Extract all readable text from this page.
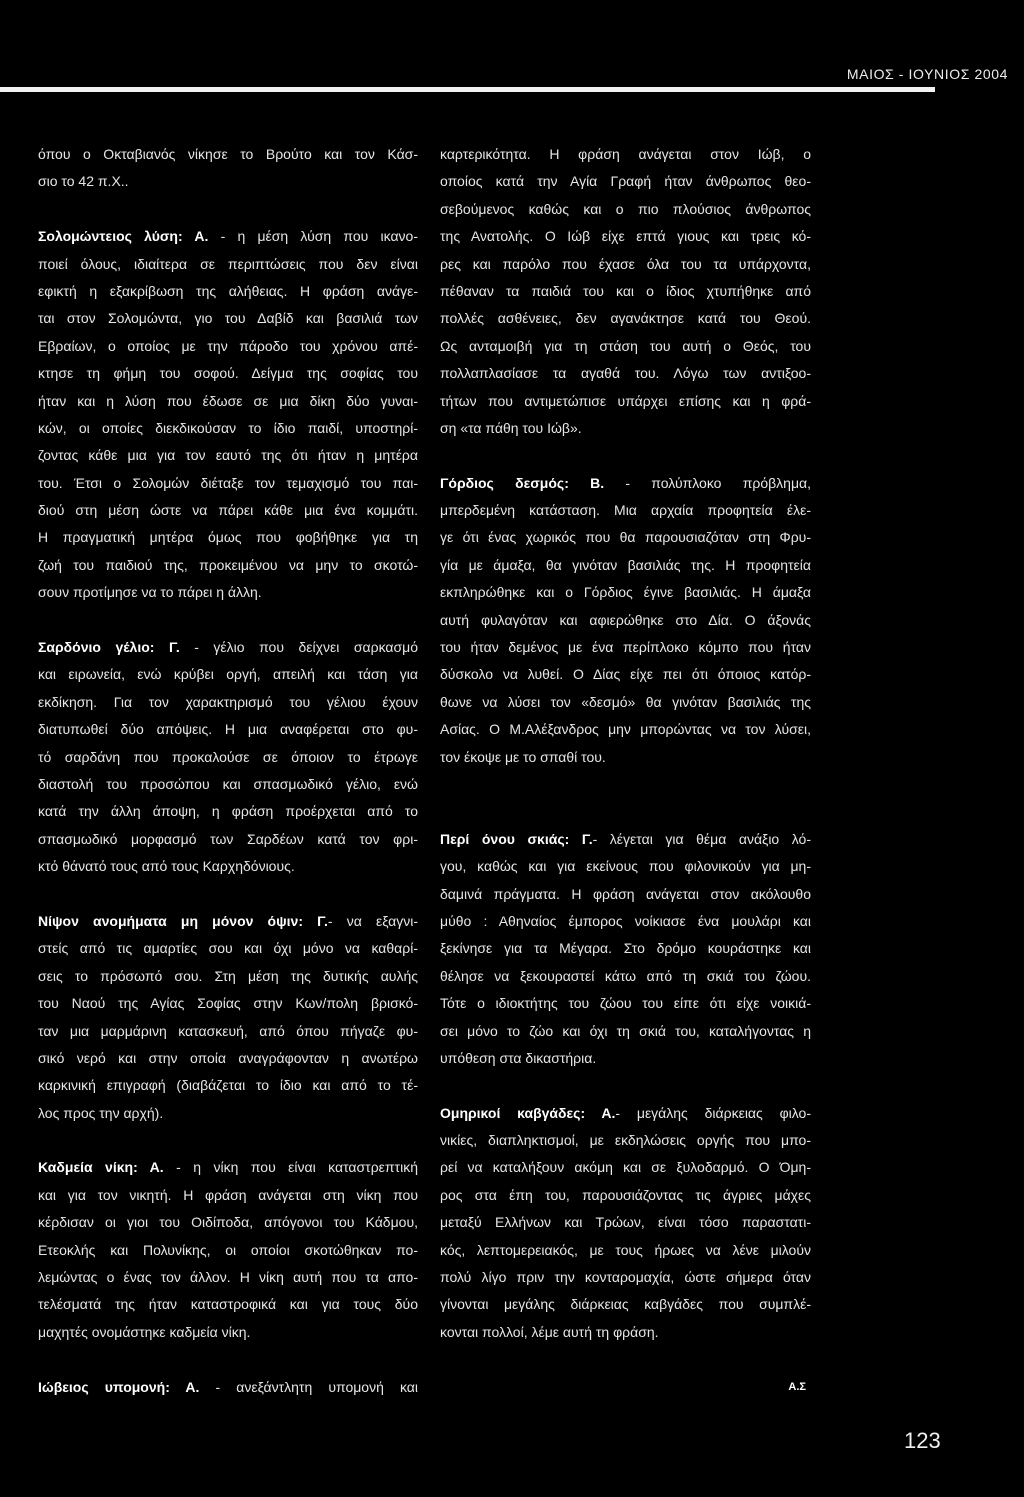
ΜΑΙΟΣ - ΙΟΥΝΙΟΣ 2004
όπου ο Οκταβιανός νίκησε το Βρούτο και τον Κάσ-
σιο το 42 π.Χ..
Σολομώντειος λύση: Α. - η μέση λύση που ικανο-
ποιεί όλους, ιδιαίτερα σε περιπτώσεις που δεν είναι
εφικτή η εξακρίβωση της αλήθειας. Η φράση ανάγε-
ται στον Σολομώντα, γιο του Δαβίδ και βασιλιά των
Εβραίων, ο οποίος με την πάροδο του χρόνου απέ-
κτησε τη φήμη του σοφού. Δείγμα της σοφίας του
ήταν και η λύση που έδωσε σε μια δίκη δύο γυναι-
κών, οι οποίες διεκδικούσαν το ίδιο παιδί, υποστηρί-
ζοντας κάθε μια για τον εαυτό της ότι ήταν η μητέρα
του. Έτσι ο Σολομών διέταξε τον τεμαχισμό του παι-
διού στη μέση ώστε να πάρει κάθε μια ένα κομμάτι.
Η πραγματική μητέρα όμως που φοβήθηκε για τη
ζωή του παιδιού της, προκειμένου να μην το σκοτώ-
σουν προτίμησε να το πάρει η άλλη.
Σαρδόνιο γέλιο: Γ. - γέλιο που δείχνει σαρκασμό
και ειρωνεία, ενώ κρύβει οργή, απειλή και τάση για
εκδίκηση. Για τον χαρακτηρισμό του γέλιου έχουν
διατυπωθεί δύο απόψεις. Η μια αναφέρεται στο φυ-
τό σαρδάνη που προκαλούσε σε όποιον το έτρωγε
διαστολή του προσώπου και σπασμωδικό γέλιο, ενώ
κατά την άλλη άποψη, η φράση προέρχεται από το
σπασμωδικό μορφασμό των Σαρδέων κατά τον φρι-
κτό θάνατό τους από τους Καρχηδόνιους.
Νίψον ανομήματα μη μόνον όψιν: Γ.- να εξαγνι-
στείς από τις αμαρτίες σου και όχι μόνο να καθαρί-
σεις το πρόσωπό σου. Στη μέση της δυτικής αυλής
του Ναού της Αγίας Σοφίας στην Κων/πολη βρισκό-
ταν μια μαρμάρινη κατασκευή, από όπου πήγαζε φυ-
σικό νερό και στην οποία αναγράφονταν η ανωτέρω
καρκινική επιγραφή (διαβάζεται το ίδιο και από το τέ-
λος προς την αρχή).
Καδμεία νίκη: Α. - η νίκη που είναι καταστρεπτική
και για τον νικητή. Η φράση ανάγεται στη νίκη που
κέρδισαν οι γιοι του Οιδίποδα, απόγονοι του Κάδμου,
Ετεοκλής και Πολυνίκης, οι οποίοι σκοτώθηκαν πο-
λεμώντας ο ένας τον άλλον. Η νίκη αυτή που τα απο-
τελέσματά της ήταν καταστροφικά και για τους δύο
μαχητές ονομάστηκε καδμεία νίκη.
Ιώβειος υπομονή: Α. - ανεξάντλητη υπομονή και
καρτερικότητα. Η φράση ανάγεται στον Ιώβ, ο
οποίος κατά την Αγία Γραφή ήταν άνθρωπος θεο-
σεβούμενος καθώς και ο πιο πλούσιος άνθρωπος
της Ανατολής. Ο Ιώβ είχε επτά γιους και τρεις κό-
ρες και παρόλο που έχασε όλα του τα υπάρχοντα,
πέθαναν τα παιδιά του και ο ίδιος χτυπήθηκε από
πολλές ασθένειες, δεν αγανάκτησε κατά του Θεού.
Ως ανταμοιβή για τη στάση του αυτή ο Θεός, του
πολλαπλασίασε τα αγαθά του. Λόγω των αντιξοο-
τήτων που αντιμετώπισε υπάρχει επίσης και η φρά-
ση «τα πάθη του Ιώβ».
Γόρδιος δεσμός: Β. - πολύπλοκο πρόβλημα,
μπερδεμένη κατάσταση. Μια αρχαία προφητεία έλε-
γε ότι ένας χωρικός που θα παρουσιαζόταν στη Φρυ-
γία με άμαξα, θα γινόταν βασιλιάς της. Η προφητεία
εκπληρώθηκε και ο Γόρδιος έγινε βασιλιάς. Η άμαξα
αυτή φυλαγόταν και αφιερώθηκε στο Δία. Ο άξονάς
του ήταν δεμένος με ένα περίπλοκο κόμπο που ήταν
δύσκολο να λυθεί. Ο Δίας είχε πει ότι όποιος κατόρ-
θωνε να λύσει τον «δεσμό» θα γινόταν βασιλιάς της
Ασίας. Ο Μ.Αλέξανδρος μην μπορώντας να τον λύσει,
τον έκοψε με το σπαθί του.
Περί όνου σκιάς: Γ.- λέγεται για θέμα ανάξιο λό-
γου, καθώς και για εκείνους που φιλονικούν για μη-
δαμινά πράγματα. Η φράση ανάγεται στον ακόλουθο
μύθο : Αθηναίος έμπορος νοίκιασε ένα μουλάρι και
ξεκίνησε για τα Μέγαρα. Στο δρόμο κουράστηκε και
θέλησε να ξεκουραστεί κάτω από τη σκιά του ζώου.
Τότε ο ιδιοκτήτης του ζώου του είπε ότι είχε νοικιά-
σει μόνο το ζώο και όχι τη σκιά του, καταλήγοντας η
υπόθεση στα δικαστήρια.
Ομηρικοί καβγάδες: Α.- μεγάλης διάρκειας φιλο-
νικίες, διαπληκτισμοί, με εκδηλώσεις οργής που μπο-
ρεί να καταλήξουν ακόμη και σε ξυλοδαρμό. Ο Όμη-
ρος στα έπη του, παρουσιάζοντας τις άγριες μάχες
μεταξύ Ελλήνων και Τρώων, είναι τόσο παραστατι-
κός, λεπτομερειακός, με τους ήρωες να λένε μιλούν
πολύ λίγο πριν την κονταρομαχία, ώστε σήμερα όταν
γίνονται μεγάλης διάρκειας καβγάδες που συμπλέ-
κονται πολλοί, λέμε αυτή τη φράση.
Α.Σ
123
